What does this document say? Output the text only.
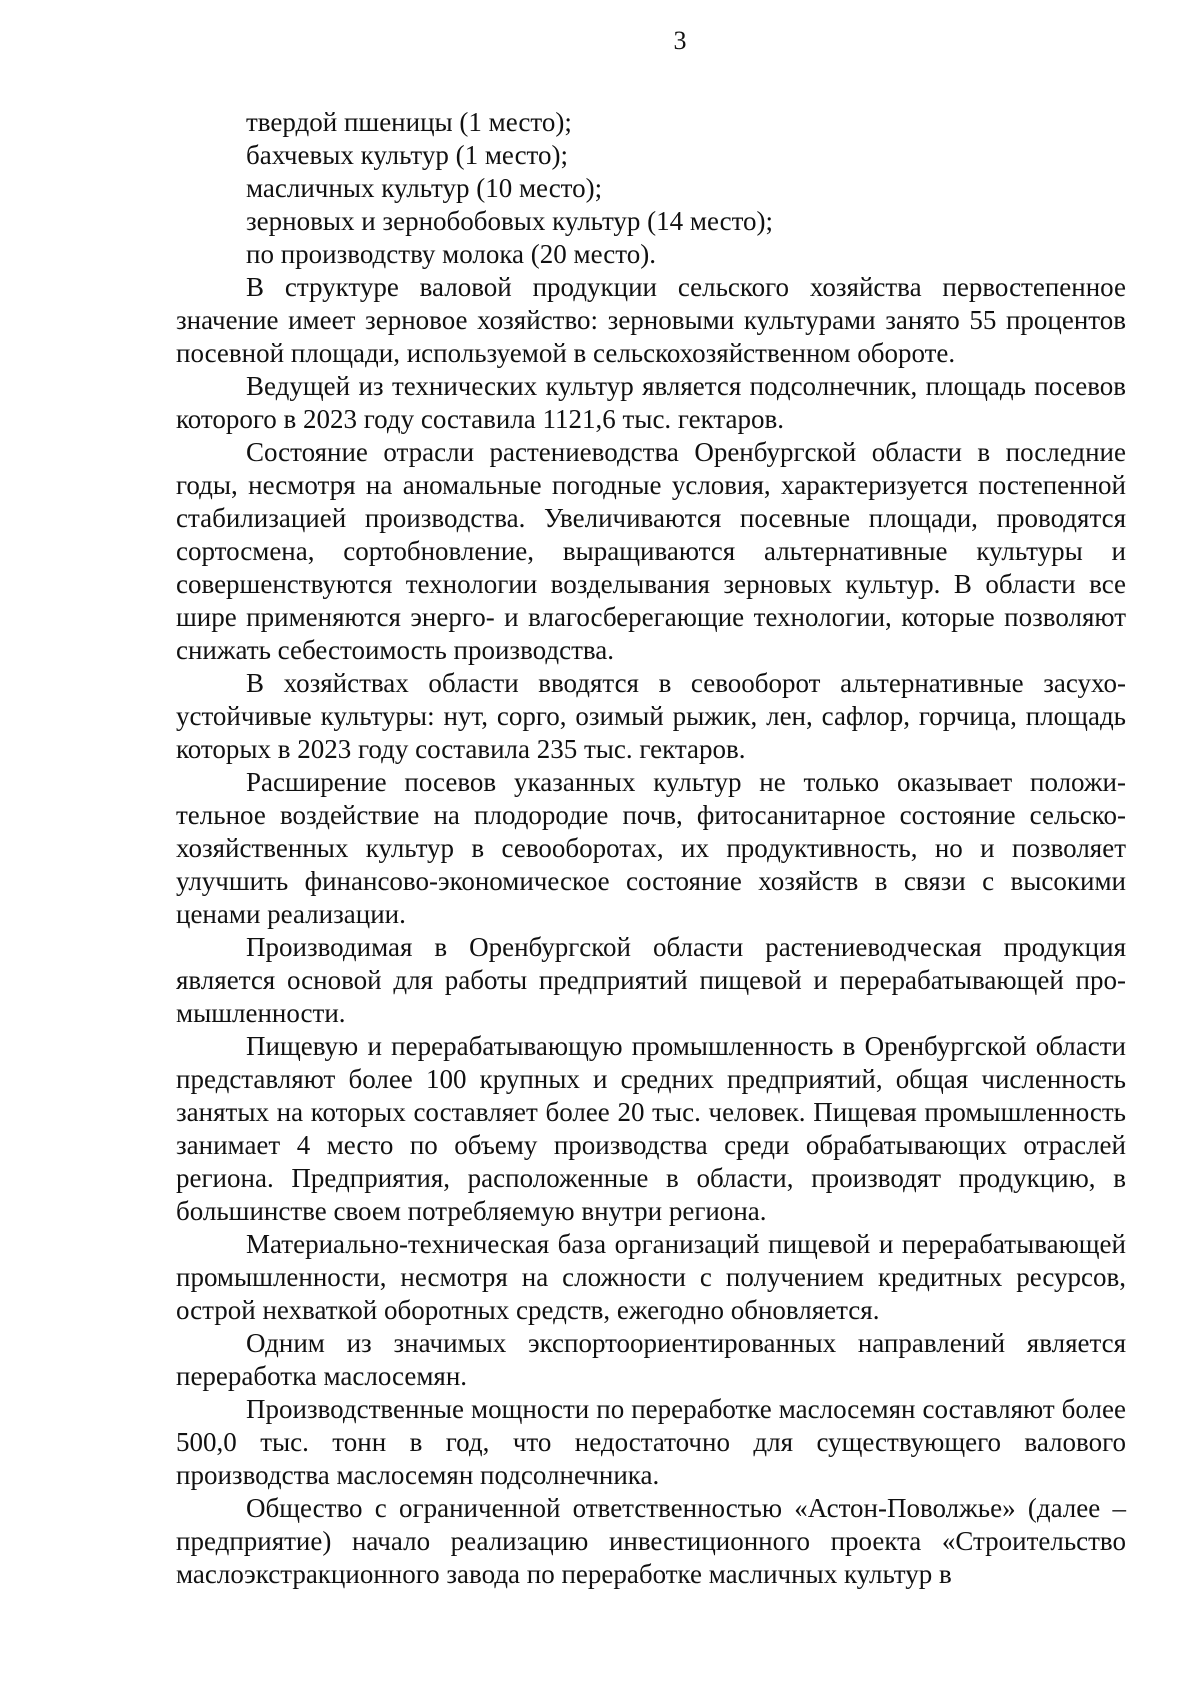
3

твердой пшеницы (1 место);

бахчевых культур (1 место);

масличных культур (10 место);

зерновых и зернобобовых культур (14 место);

по производству молока (20 место).

В структуре валовой продукции сельского хозяйства первостепенное значение имеет зерновое хозяйство: зерновыми культурами занято 55 процентов посевной площади, используемой в сельскохозяйственном обороте.

Ведущей из технических культур является подсолнечник, площадь посевов которого в 2023 году составила 1121,6 тыс. гектаров.

Состояние отрасли растениеводства Оренбургской области в последние годы, несмотря на аномальные погодные условия, характеризуется постепенной стабилизацией производства. Увеличиваются посевные площади, проводятся сортосмена, сортобновление, выращиваются альтернативные культуры и совершенствуются технологии возделывания зерновых культур. В области все шире применяются энерго- и влагосберегающие технологии, которые позволяют снижать себестоимость производства.

В хозяйствах области вводятся в севооборот альтернативные засухоустойчивые культуры: нут, сорго, озимый рыжик, лен, сафлор, горчица, площадь которых в 2023 году составила 235 тыс. гектаров.

Расширение посевов указанных культур не только оказывает положительное воздействие на плодородие почв, фитосанитарное состояние сельскохозяйственных культур в севооборотах, их продуктивность, но и позволяет улучшить финансово-экономическое состояние хозяйств в связи с высокими ценами реализации.

Производимая в Оренбургской области растениеводческая продукция является основой для работы предприятий пищевой и перерабатывающей промышленности.

Пищевую и перерабатывающую промышленность в Оренбургской области представляют более 100 крупных и средних предприятий, общая численность занятых на которых составляет более 20 тыс. человек. Пищевая промышленность занимает 4 место по объему производства среди обрабатывающих отраслей региона. Предприятия, расположенные в области, производят продукцию, в большинстве своем потребляемую внутри региона.

Материально-техническая база организаций пищевой и перерабатывающей промышленности, несмотря на сложности с получением кредитных ресурсов, острой нехваткой оборотных средств, ежегодно обновляется.

Одним из значимых экспортоориентированных направлений является переработка маслосемян.

Производственные мощности по переработке маслосемян составляют более 500,0 тыс. тонн в год, что недостаточно для существующего валового производства маслосемян подсолнечника.

Общество с ограниченной ответственностью «Астон-Поволжье» (далее – предприятие) начало реализацию инвестиционного проекта «Строительство маслоэкстракционного завода по переработке масличных культур в
